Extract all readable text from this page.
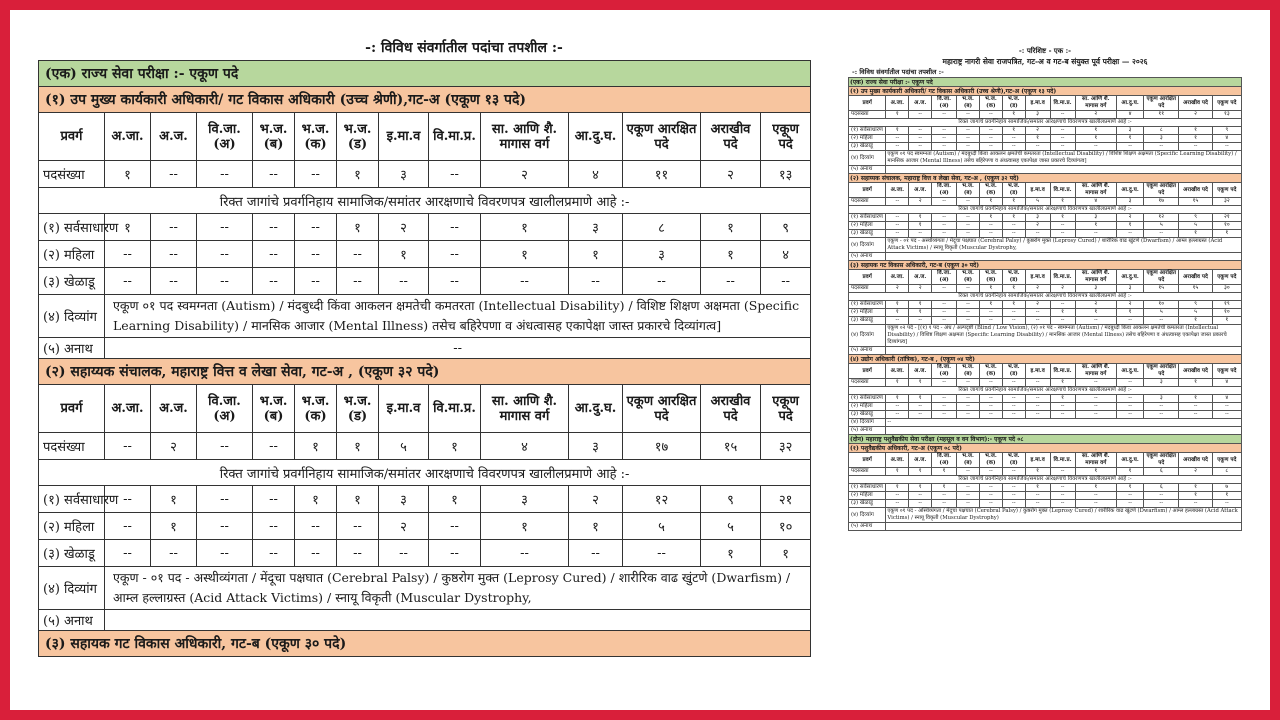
-: विविध संवर्गातील पदांचा तपशील :-
(एक) राज्य सेवा परीक्षा :- एकूण पदे													
(१) उप मुख्य कार्यकारी अधिकारी/ गट विकास अधिकारी (उच्च श्रेणी),गट-अ (एकूण १३ पदे)													
प्रवर्ग	अ.जा.	अ.ज.	वि.जा. (अ)	भ.ज. (ब)	भ.ज. (क)	भ.ज. (ड)	इ.मा.व	वि.मा.प्र.	सा. आणि शै. मागास वर्ग	आ.दु.घ.	एकूण आरक्षित पदे	अराखीव पदे	एकूण पदे
पदसंख्या	१	--	--	--	--	१	३	--	२	४	११	२	१३
रिक्त जागांचे प्रवर्गनिहाय सामाजिक/समांतर आरक्षणाचे विवरणपत्र खालीलप्रमाणे आहे :-													
(१) सर्वसाधारण	१	--	--	--	--	१	२	--	१	३	८	१	९
(२) महिला	--	--	--	--	--	--	१	--	१	१	३	१	४
(३) खेळाडू	--	--	--	--	--	--	--	--	--	--	--	--	--
(४) दिव्यांग	एकूण ०१ पद स्वमग्नता (Autism) / मंदबुध्दी किंवा आकलन क्षमतेची कमतरता (Intellectual Disability) / विशिष्ट शिक्षण अक्षमता (Specific Learning Disability) / मानसिक आजार (Mental Illness) तसेच बहिरेपणा व अंधत्वासह एकापेक्षा जास्त प्रकारचे दिव्यांगत्व]												
(५) अनाथ	--												
(२) सहाय्यक संचालक, महाराष्ट्र वित्त व लेखा सेवा, गट-अ , (एकूण ३२ पदे)													
प्रवर्ग	अ.जा.	अ.ज.	वि.जा. (अ)	भ.ज. (ब)	भ.ज. (क)	भ.ज. (ड)	इ.मा.व	वि.मा.प्र.	सा. आणि शै. मागास वर्ग	आ.दु.घ.	एकूण आरक्षित पदे	अराखीव पदे	एकूण पदे
पदसंख्या	--	२	--	--	१	१	५	१	४	३	१७	१५	३२
रिक्त जागांचे प्रवर्गनिहाय सामाजिक/समांतर आरक्षणाचे विवरणपत्र खालीलप्रमाणे आहे :-													
(१) सर्वसाधारण	--	१	--	--	१	१	३	१	३	२	१२	९	२१
(२) महिला	--	१	--	--	--	--	२	--	१	१	५	५	१०
(३) खेळाडू	--	--	--	--	--	--	--	--	--	--	--	१	१
(४) दिव्यांग	एकूण - ०१ पद - अस्थीव्यंगता / मेंदूचा पक्षघात (Cerebral Palsy) / कुष्ठरोग मुक्त (Leprosy Cured) / शारीरिक वाढ खुंटणे (Dwarfism) / आम्ल हल्लाग्रस्त (Acid Attack Victims) / स्नायू विकृती (Muscular Dystrophy,												
(५) अनाथ													
(३) सहायक गट विकास अधिकारी, गट-ब (एकूण ३० पदे)													
-: परिशिष्ट - एक :-
महाराष्ट्र नागरी सेवा राजपत्रित, गट-अ व गट-ब संयुक्त पूर्व परीक्षा — २०२६
-: विविध संवर्गातील पदांचा तपशील :-
(एक) राज्य सेवा परीक्षा :- एकूण पदे													
(१) उप मुख्य कार्यकारी अधिकारी/ गट विकास अधिकारी (उच्च श्रेणी),गट-अ (एकूण १३ पदे)													
प्रवर्ग	अ.जा.	अ.ज.	वि.जा. (अ)	भ.ज. (ब)	भ.ज. (क)	भ.ज. (ड)	इ.मा.व	वि.मा.प्र.	सा. आणि शै. मागास वर्ग	आ.दु.घ.	एकूण आरक्षित पदे	अराखीव पदे	एकूण पदे
पदसंख्या	१	--	--	--	--	१	३	--	२	४	११	२	१३
रिक्त जागांचे प्रवर्गनिहाय सामाजिक/समांतर आरक्षणाचे विवरणपत्र खालीलप्रमाणे आहे :-													
(१) सर्वसाधारण	१	--	--	--	--	१	२	--	१	३	८	१	९
(२) महिला	--	--	--	--	--	--	१	--	१	१	३	१	४
(३) खेळाडू	--	--	--	--	--	--	--	--	--	--	--	--	--
(४) दिव्यांग	एकूण ०१ पद स्वमग्नता (Autism) / मंदबुध्दी किंवा आकलन क्षमतेची कमतरता (Intellectual Disability) / विशिष्ट शिक्षण अक्षमता (Specific Learning Disability) / मानसिक आजार (Mental Illness) तसेच बहिरेपणा व अंधत्वासह एकापेक्षा जास्त प्रकारचे दिव्यांगत्व]												
(५) अनाथ													
(२) सहाय्यक संचालक, महाराष्ट्र वित्त व लेखा सेवा, गट-अ , (एकूण ३२ पदे)													
प्रवर्ग	अ.जा.	अ.ज.	वि.जा. (अ)	भ.ज. (ब)	भ.ज. (क)	भ.ज. (ड)	इ.मा.व	वि.मा.प्र.	सा. आणि शै. मागास वर्ग	आ.दु.घ.	एकूण आरक्षित पदे	अराखीव पदे	एकूण पदे
पदसंख्या	--	२	--	--	१	१	५	१	४	३	१७	१५	३२
रिक्त जागांचे प्रवर्गनिहाय सामाजिक/समांतर आरक्षणाचे विवरणपत्र खालीलप्रमाणे आहे :-													
(१) सर्वसाधारण	--	१	--	--	१	१	३	१	३	२	१२	९	२१
(२) महिला	--	१	--	--	--	--	२	--	१	१	५	५	१०
(३) खेळाडू	--	--	--	--	--	--	--	--	--	--	--	१	१
(४) दिव्यांग	एकूण - ०१ पद - अस्थीव्यंगता / मेंदूचा पक्षघात (Cerebral Palsy) / कुष्ठरोग मुक्त (Leprosy Cured) / शारीरिक वाढ खुंटणे (Dwarfism) / आम्ल हल्लाग्रस्त (Acid Attack Victims) / स्नायू विकृती (Muscular Dystrophy,												
(५) अनाथ													
(३) सहायक गट विकास अधिकारी, गट-ब (एकूण ३० पदे)													
प्रवर्ग	अ.जा.	अ.ज.	वि.जा. (अ)	भ.ज. (ब)	भ.ज. (क)	भ.ज. (ड)	इ.मा.व	वि.मा.प्र.	सा. आणि शै. मागास वर्ग	आ.दु.घ.	एकूण आरक्षित पदे	अराखीव पदे	एकूण पदे
पदसंख्या	२	२	--	--	१	१	२	२	३	३	१५	१५	३०
रिक्त जागांचे प्रवर्गनिहाय सामाजिक/समांतर आरक्षणाचे विवरणपत्र खालीलप्रमाणे आहे :-													
(१) सर्वसाधारण	१	१	--	--	१	१	२	--	२	२	१०	९	१९
(२) महिला	१	१	--	--	--	--	--	१	१	१	५	५	१०
(३) खेळाडू	--	--	--	--	--	--	--	--	--	--	--	१	१
(४) दिव्यांग	एकूण ०२ पदे - [(१) १ पद - अंध / अल्पदृष्टी (Blind / Low Vision), (२) ०१ पद - स्वमग्नता (Autism) / मंदबुध्दी किंवा आकलन क्षमतेची कमतरता (Intellectual Disability) / विशिष्ट शिक्षण अक्षमता (Specific Learning Disability) / मानसिक आजार (Mental Illness) तसेच बहिरेपणा व अंधत्वासह एकापेक्षा जास्त प्रकारचे दिव्यांगत्व]												
(५) अनाथ													
(४) उद्योग अधिकारी (तांत्रिक), गट-ब , (एकूण ०४ पदे)													
प्रवर्ग	अ.जा.	अ.ज.	वि.जा. (अ)	भ.ज. (ब)	भ.ज. (क)	भ.ज. (ड)	इ.मा.व	वि.मा.प्र.	सा. आणि शै. मागास वर्ग	आ.दु.घ.	एकूण आरक्षित पदे	अराखीव पदे	एकूण पदे
पदसंख्या	१	१	--	--	--	--	--	१	--	--	३	१	४
रिक्त जागांचे प्रवर्गनिहाय सामाजिक/समांतर आरक्षणाचे विवरणपत्र खालीलप्रमाणे आहे :-													
(१) सर्वसाधारण	१	१	--	--	--	--	--	१	--	--	३	१	४
(२) महिला	--	--	--	--	--	--	--	--	--	--	--	--	--
(३) खेळाडू	--	--	--	--	--	--	--	--	--	--	--	--	--
(४) दिव्यांग	--												
(५) अनाथ													
(दोन) महाराष्ट्र पशुवैद्यकीय सेवा परीक्षा (महसूल व वन विभाग):- एकूण पदे ०८													
(१) पशुवैद्यकीय अधिकारी, गट-अ (एकूण ०८ पदे)													
प्रवर्ग	अ.जा.	अ.ज.	वि.जा. (अ)	भ.ज. (ब)	भ.ज. (क)	भ.ज. (ड)	इ.मा.व	वि.मा.प्र.	सा. आणि शै. मागास वर्ग	आ.दु.घ.	एकूण आरक्षित पदे	अराखीव पदे	एकूण पदे
पदसंख्या	१	१	१	--	--	--	१	--	१	१	६	२	८
रिक्त जागांचे प्रवर्गनिहाय सामाजिक/समांतर आरक्षणाचे विवरणपत्र खालीलप्रमाणे आहे :-													
(१) सर्वसाधारण	१	१	१	--	--	--	१	--	१	१	६	१	७
(२) महिला	--	--	--	--	--	--	--	--	--	--	--	१	१
(३) खेळाडू	--	--	--	--	--	--	--	--	--	--	--	--	--
(४) दिव्यांग	एकूण ०१ पद - अस्थिव्यंगता / मेंदूचा पक्षघात (Cerebral Palsy) / कुष्ठरोग मुक्त (Leprosy Cured) / शारीरिक वाढ खुंटणे (Dwarfism) / आम्ल हल्लाग्रस्त (Acid Attack Victims) / स्नायू विकृती (Muscular Dystrophy)												
(५) अनाथ													
